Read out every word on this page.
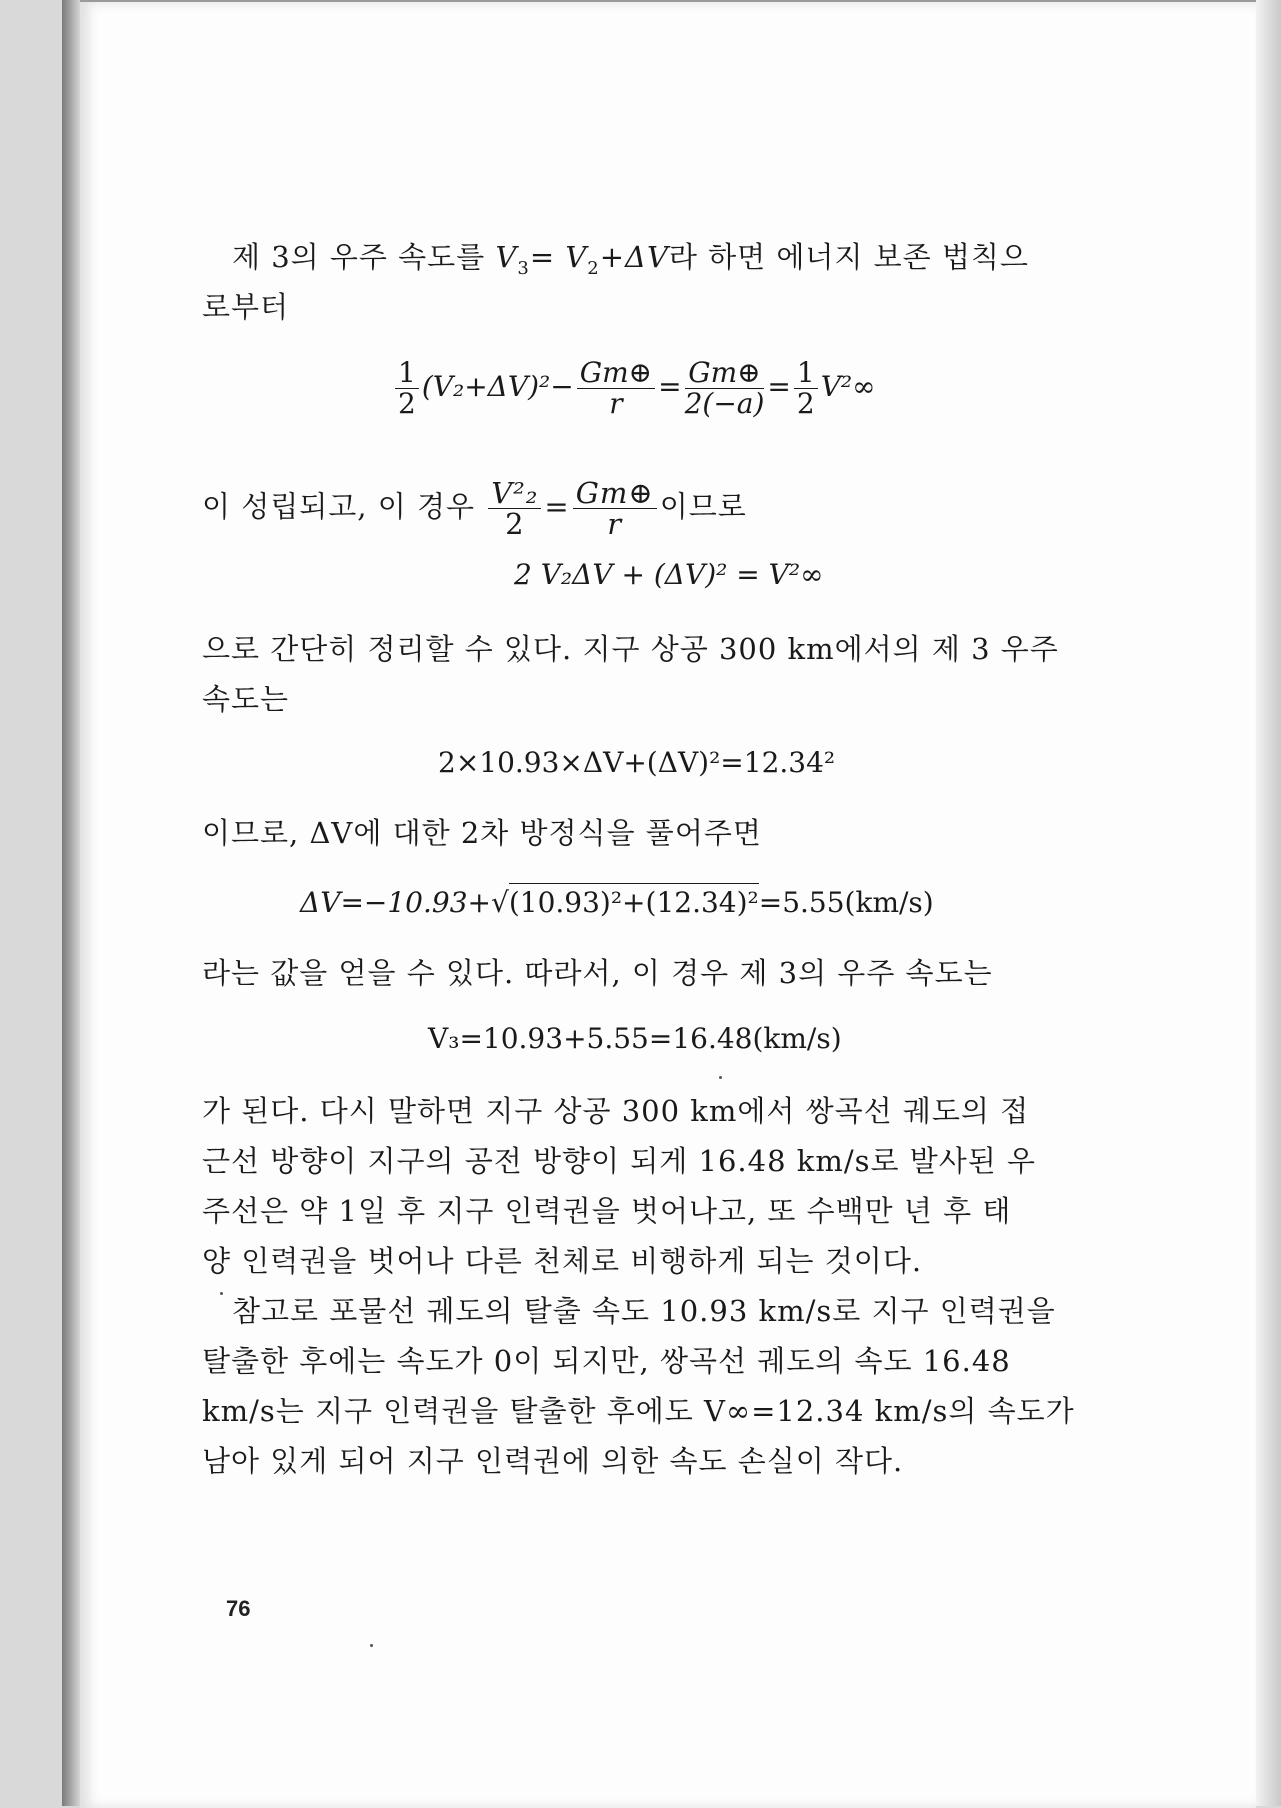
제 3의 우주 속도를 $V_3= V_2+\Delta V$라 하면 에너지 보존 법칙으
로부터
$\frac{1}{2} (V_2+\Delta V)^2- \frac{Gm\oplus}{r} = \frac{Gm\oplus}{2(-a)} = \frac{1}{2} V^2\infty$
이 성립되고, 이 경우 $\frac{\text{V²₂}}{2} = \frac{Gm\oplus}{r}$ 이므로
2 V₂ΔV + (ΔV)² = V²∞
으로 간단히 정리할 수 있다. 지구 상공 300 km에서의 제 3 우주
속도는
2×10.93×ΔV+(ΔV)²=12.34²
이므로, ΔV에 대한 2차 방정식을 풀어주면
ΔV=−10.93+√(10.93)²+(12.34)²=5.55(km/s)
라는 값을 얻을 수 있다. 따라서, 이 경우 제 3의 우주 속도는
V₃=10.93+5.55=16.48(km/s)
가 된다. 다시 말하면 지구 상공 300 km에서 쌍곡선 궤도의 접
근선 방향이 지구의 공전 방향이 되게 16.48 km/s로 발사된 우
주선은 약 1일 후 지구 인력권을 벗어나고, 또 수백만 년 후 태
양 인력권을 벗어나 다른 천체로 비행하게 되는 것이다.
참고로 포물선 궤도의 탈출 속도 10.93 km/s로 지구 인력권을
탈출한 후에는 속도가 0이 되지만, 쌍곡선 궤도의 속도 16.48
km/s는 지구 인력권을 탈출한 후에도 V∞=12.34 km/s의 속도가
남아 있게 되어 지구 인력권에 의한 속도 손실이 작다.
76
